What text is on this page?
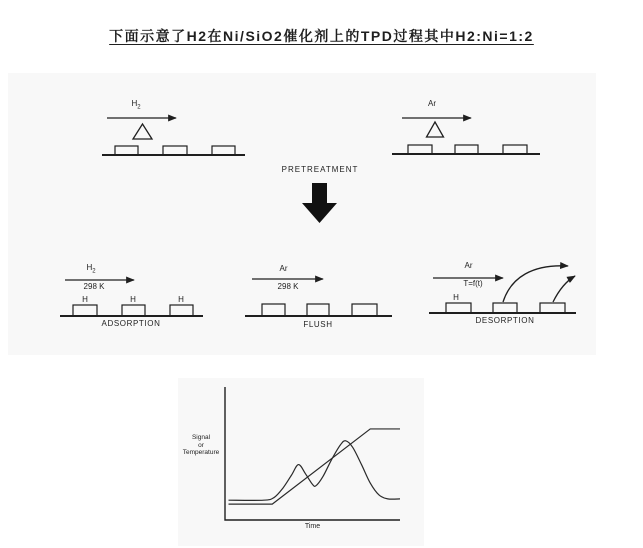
下面示意了H2在Ni/SiO2催化剂上的TPD过程其中H2:Ni=1:2
$H_2$	Ar
PRETREATMENT
$H_2$
298 K
H	H	H
ADSORPTION
Ar
298 K
FLUSH
Ar
T=f(t)
H
DESORPTION
Signal
or
Temperature
Time
